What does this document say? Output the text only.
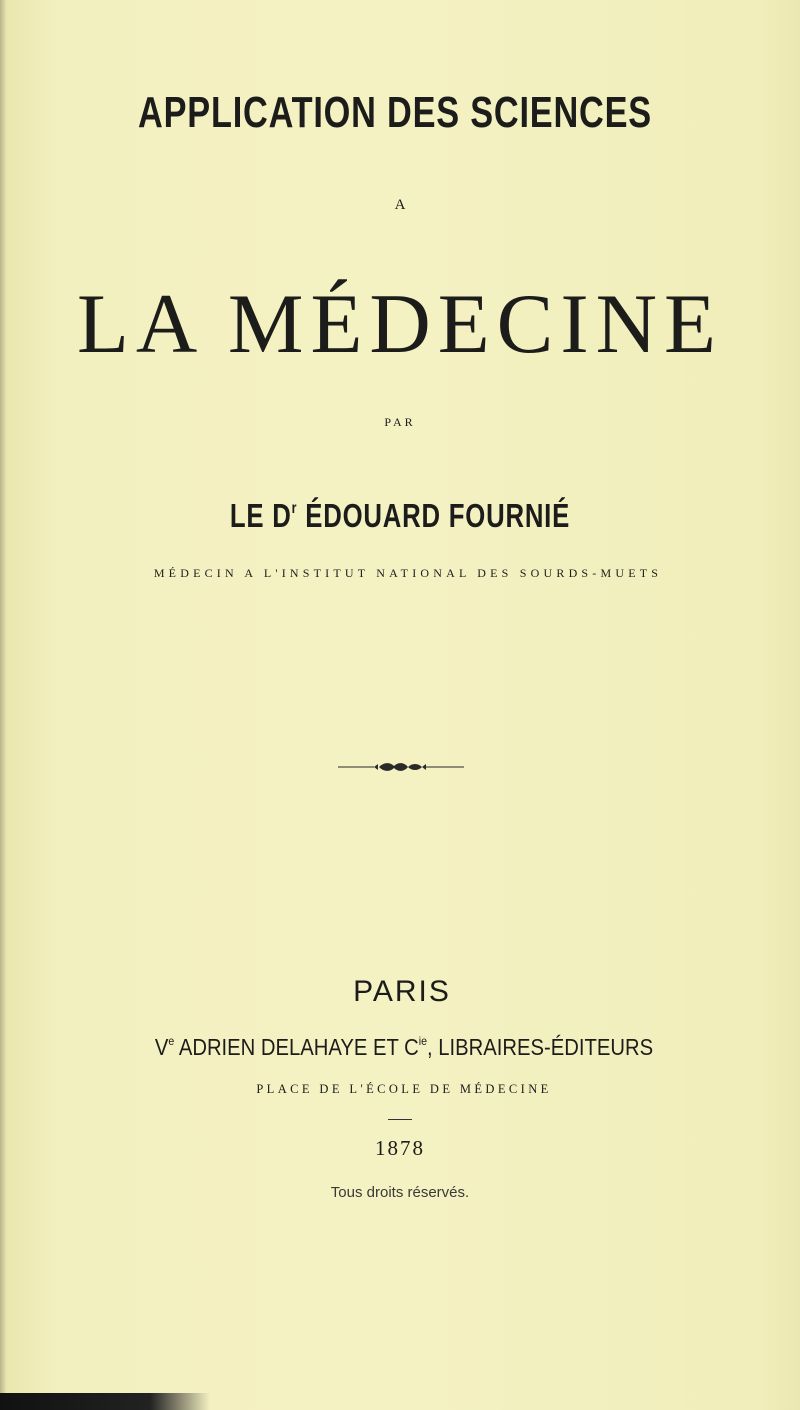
APPLICATION DES SCIENCES
A
LA MÉDECINE
PAR
LE $D^r$ ÉDOUARD FOURNIÉ
MÉDECIN A L'INSTITUT NATIONAL DES SOURDS-MUETS
PARIS
Ve ADRIEN DELAHAYE ET $C^{ie}$, LIBRAIRES-ÉDITEURS
PLACE DE L'ÉCOLE DE MÉDECINE
1878
Tous droits réservés.
